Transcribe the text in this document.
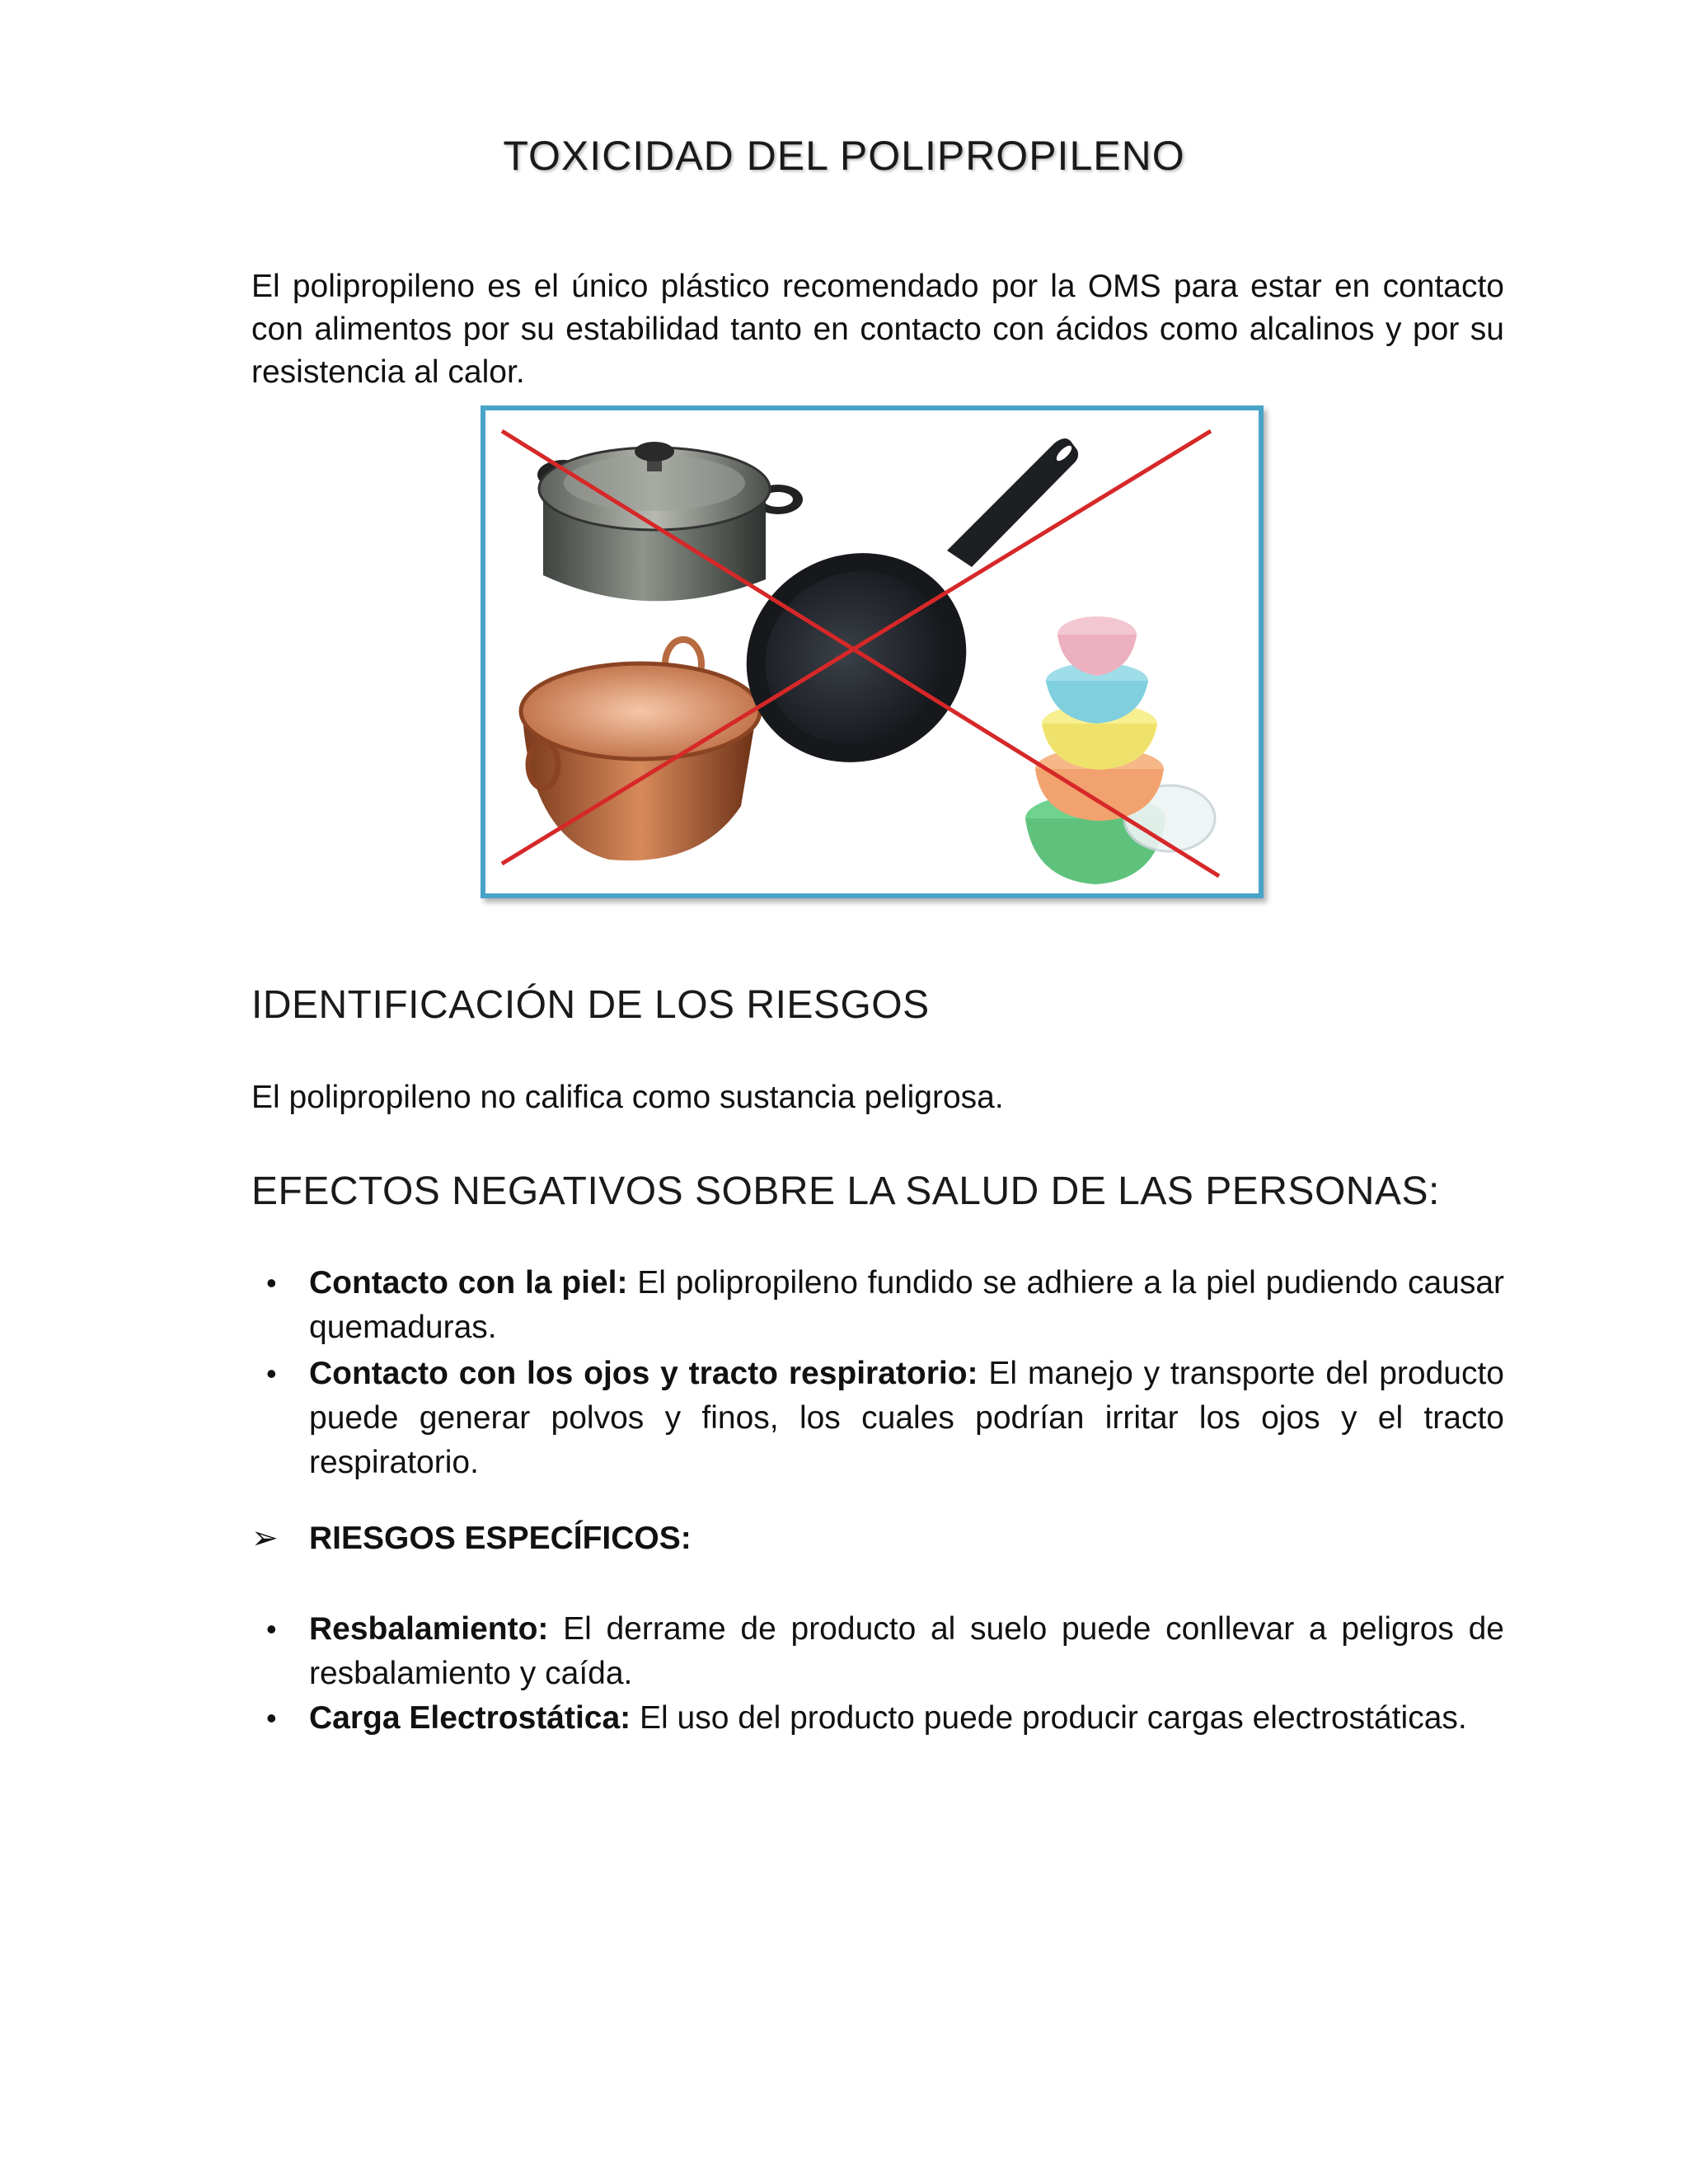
TOXICIDAD DEL POLIPROPILENO

El polipropileno es el único plástico recomendado por la OMS para estar en contacto con alimentos por su estabilidad tanto en contacto con ácidos como alcalinos y por su resistencia al calor.

IDENTIFICACIÓN DE LOS RIESGOS

El polipropileno no califica como sustancia peligrosa.

EFECTOS NEGATIVOS SOBRE LA SALUD DE LAS PERSONAS:
• Contacto con la piel: El polipropileno fundido se adhiere a la piel pudiendo causar quemaduras.
• Contacto con los ojos y tracto respiratorio: El manejo y transporte del producto puede generar polvos y finos, los cuales podrían irritar los ojos y el tracto respiratorio.
➢ RIESGOS ESPECÍFICOS:
• Resbalamiento: El derrame de producto al suelo puede conllevar a peligros de resbalamiento y caída.
• Carga Electrostática: El uso del producto puede producir cargas electrostáticas.
